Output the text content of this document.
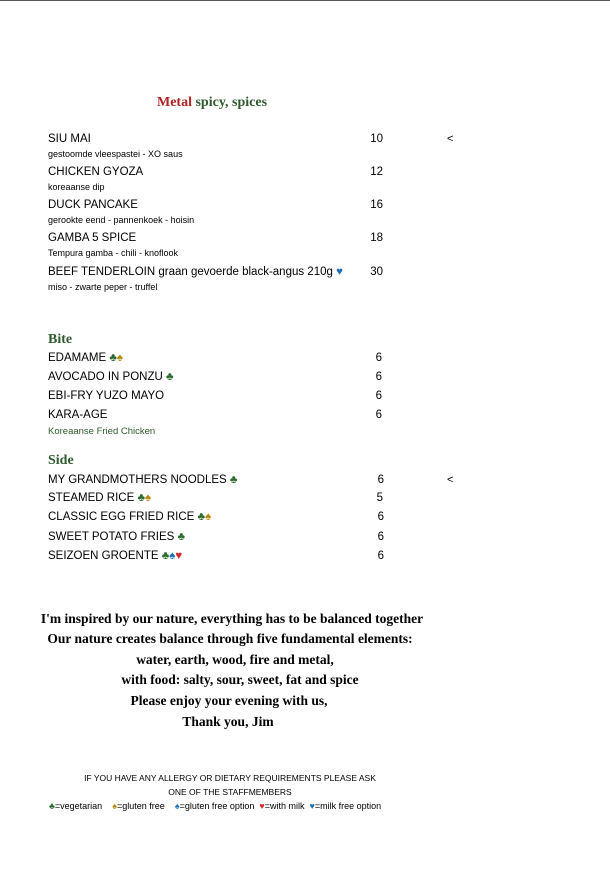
Metal spicy, spices
SIU MAI
gestoomde vleespastei - XO saus
10	<
CHICKEN GYOZA
koreaanse dip
12
DUCK PANCAKE
gerookte eend - pannenkoek - hoisin
16
GAMBA 5 SPICE
Tempura gamba - chili - knoflook
18
BEEF TENDERLOIN graan gevoerde black-angus 210g ♥
miso - zwarte peper - truffel
30
Bite
EDAMAME ♣♠	6
AVOCADO IN PONZU ♣	6
EBI-FRY YUZO MAYO	6
KARA-AGE	6
Koreaanse Fried Chicken
Side
MY GRANDMOTHERS NOODLES ♣	6	<
STEAMED RICE ♣♠	5
CLASSIC EGG FRIED RICE ♣♠	6
SWEET POTATO FRIES ♣	6
SEIZOEN GROENTE ♣♠♥	6
I'm inspired by our nature, everything has to be balanced together
Our nature creates balance through five fundamental elements:
water, earth, wood, fire and metal,
with food: salty, sour, sweet, fat and spice
Please enjoy your evening with us,
Thank you, Jim
IF YOU HAVE ANY ALLERGY OR DIETARY REQUIREMENTS PLEASE ASK
ONE OF THE STAFFMEMBERS
♣=vegetarian ♠=gluten free ♠=gluten free option ♥=with milk ♥=milk free option
